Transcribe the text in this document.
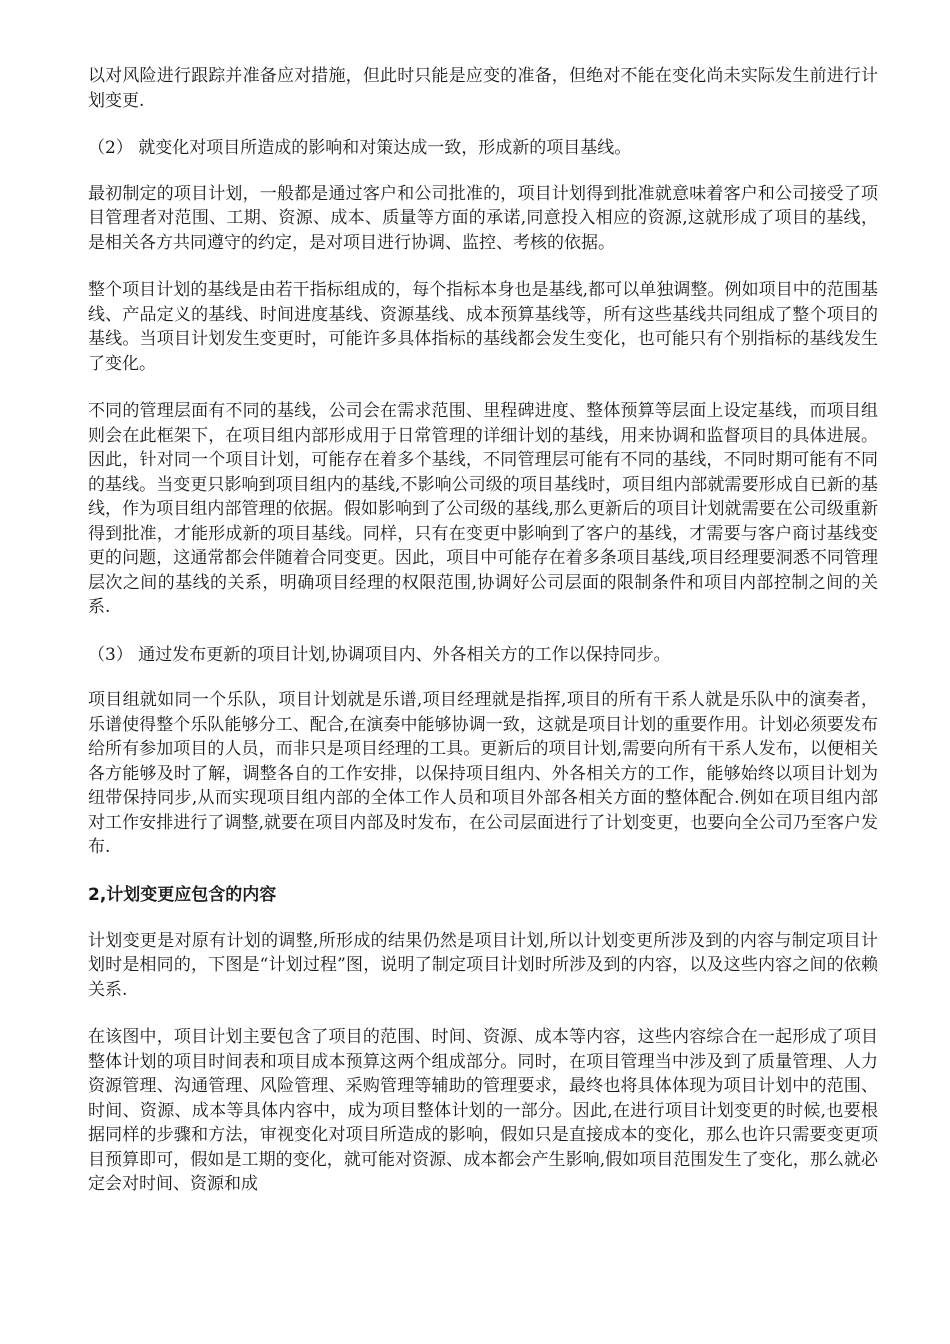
以对风险进行跟踪并准备应对措施，但此时只能是应变的准备，但绝对不能在变化尚未实际发生前进行计划变更.

（2） 就变化对项目所造成的影响和对策达成一致，形成新的项目基线。

最初制定的项目计划，一般都是通过客户和公司批准的，项目计划得到批准就意味着客户和公司接受了项目管理者对范围、工期、资源、成本、质量等方面的承诺,同意投入相应的资源,这就形成了项目的基线，是相关各方共同遵守的约定，是对项目进行协调、监控、考核的依据。

整个项目计划的基线是由若干指标组成的，每个指标本身也是基线,都可以单独调整。例如项目中的范围基线、产品定义的基线、时间进度基线、资源基线、成本预算基线等，所有这些基线共同组成了整个项目的基线。当项目计划发生变更时，可能许多具体指标的基线都会发生变化，也可能只有个别指标的基线发生了变化。

不同的管理层面有不同的基线，公司会在需求范围、里程碑进度、整体预算等层面上设定基线，而项目组则会在此框架下，在项目组内部形成用于日常管理的详细计划的基线，用来协调和监督项目的具体进展。因此，针对同一个项目计划，可能存在着多个基线，不同管理层可能有不同的基线，不同时期可能有不同的基线。当变更只影响到项目组内的基线,不影响公司级的项目基线时，项目组内部就需要形成自已新的基线，作为项目组内部管理的依据。假如影响到了公司级的基线,那么更新后的项目计划就需要在公司级重新得到批准，才能形成新的项目基线。同样，只有在变更中影响到了客户的基线，才需要与客户商讨基线变更的问题，这通常都会伴随着合同变更。因此，项目中可能存在着多条项目基线,项目经理要洞悉不同管理层次之间的基线的关系，明确项目经理的权限范围,协调好公司层面的限制条件和项目内部控制之间的关系.

（3） 通过发布更新的项目计划,协调项目内、外各相关方的工作以保持同步。

项目组就如同一个乐队，项目计划就是乐谱,项目经理就是指挥,项目的所有干系人就是乐队中的演奏者，乐谱使得整个乐队能够分工、配合,在演奏中能够协调一致，这就是项目计划的重要作用。计划必须要发布给所有参加项目的人员，而非只是项目经理的工具。更新后的项目计划,需要向所有干系人发布，以便相关各方能够及时了解，调整各自的工作安排，以保持项目组内、外各相关方的工作，能够始终以项目计划为纽带保持同步,从而实现项目组内部的全体工作人员和项目外部各相关方面的整体配合.例如在项目组内部对工作安排进行了调整,就要在项目内部及时发布，在公司层面进行了计划变更，也要向全公司乃至客户发布.

2,计划变更应包含的内容

计划变更是对原有计划的调整,所形成的结果仍然是项目计划,所以计划变更所涉及到的内容与制定项目计划时是相同的，下图是“计划过程”图，说明了制定项目计划时所涉及到的内容，以及这些内容之间的依赖关系.

在该图中，项目计划主要包含了项目的范围、时间、资源、成本等内容，这些内容综合在一起形成了项目整体计划的项目时间表和项目成本预算这两个组成部分。同时，在项目管理当中涉及到了质量管理、人力资源管理、沟通管理、风险管理、采购管理等辅助的管理要求，最终也将具体体现为项目计划中的范围、时间、资源、成本等具体内容中，成为项目整体计划的一部分。因此,在进行项目计划变更的时候,也要根据同样的步骤和方法，审视变化对项目所造成的影响，假如只是直接成本的变化，那么也许只需要变更项目预算即可，假如是工期的变化，就可能对资源、成本都会产生影响,假如项目范围发生了变化，那么就必定会对时间、资源和成
